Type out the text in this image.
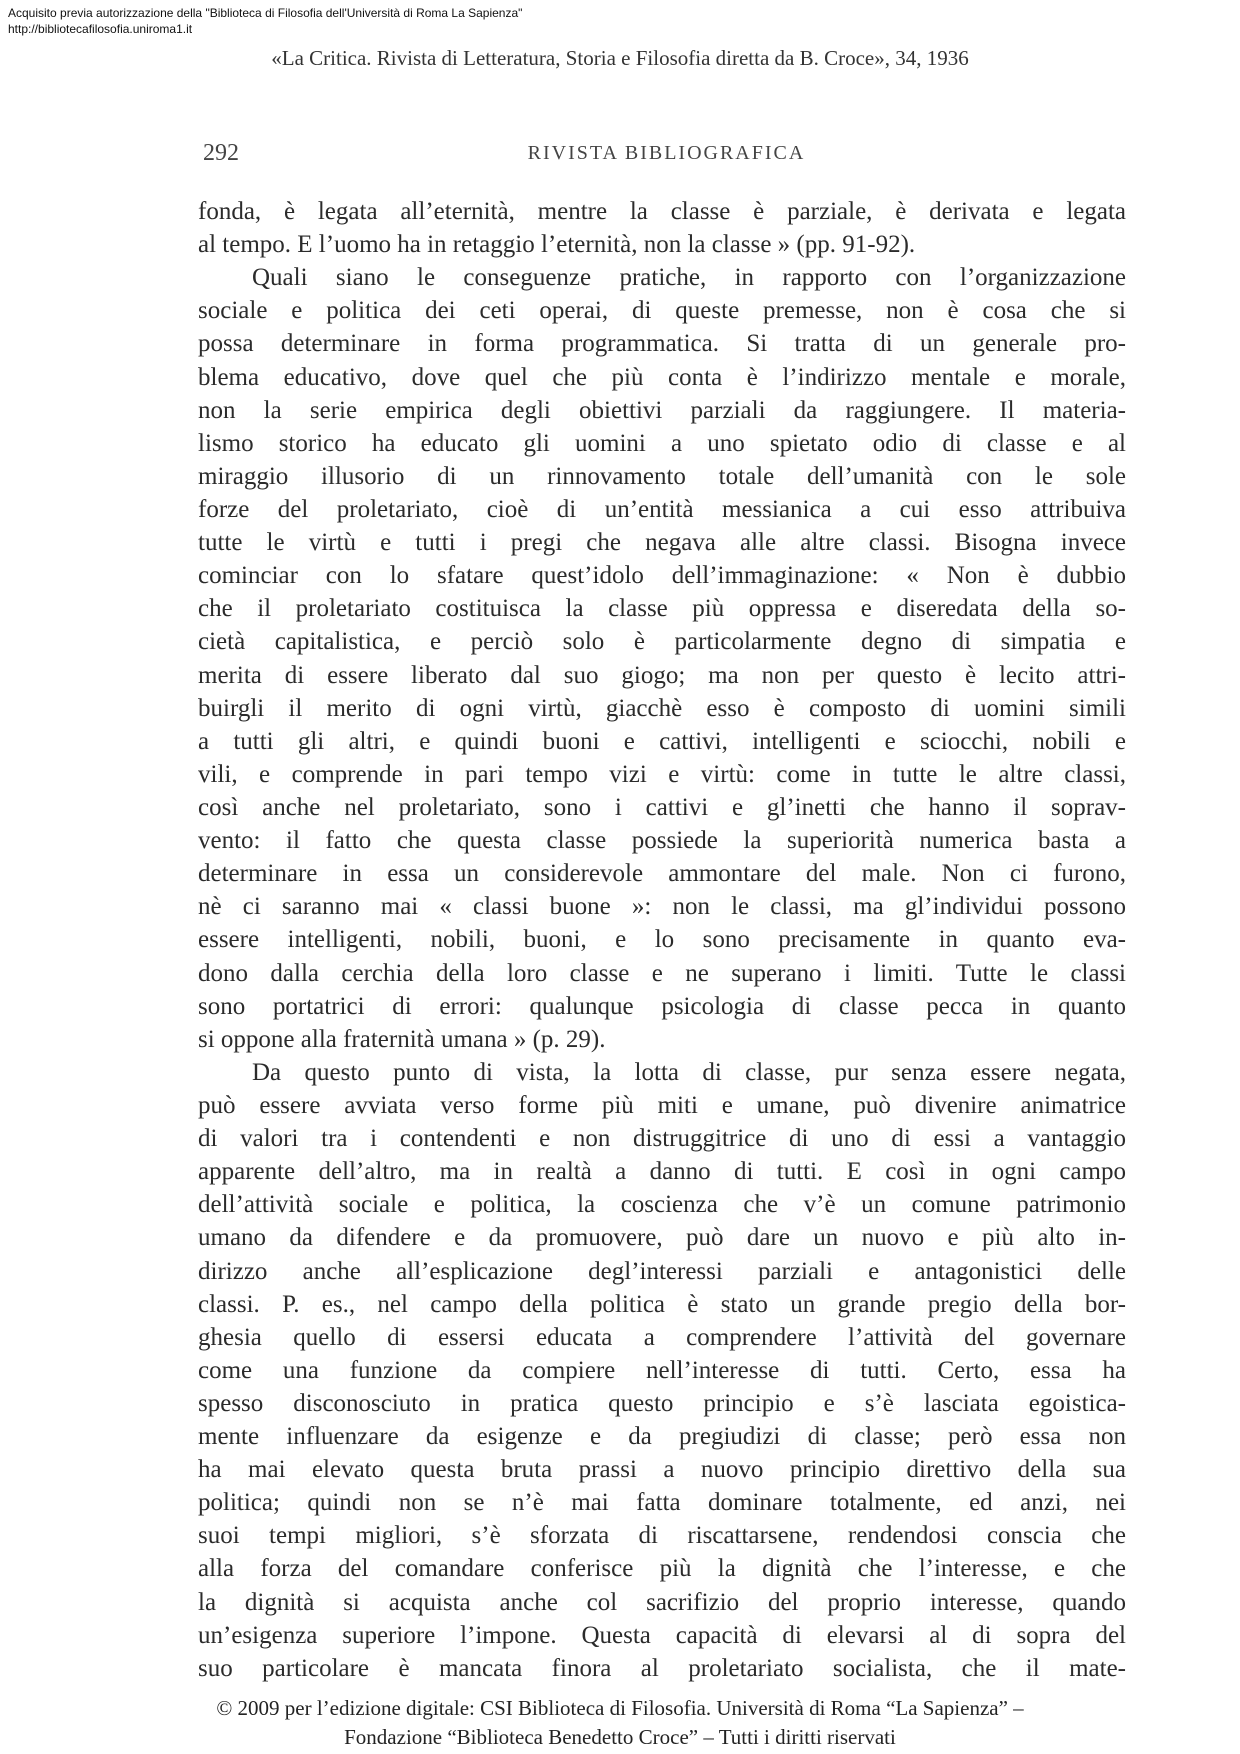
Acquisito previa autorizzazione della "Biblioteca di Filosofia dell'Università di Roma La Sapienza"
http://bibliotecafilosofia.uniroma1.it
«La Critica. Rivista di Letteratura, Storia e Filosofia diretta da B. Croce», 34, 1936
292	RIVISTA BIBLIOGRAFICA
fonda, è legata all’eternità, mentre la classe è parziale, è derivata e legata
al tempo. E l’uomo ha in retaggio l’eternità, non la classe » (pp. 91-92).
Quali siano le conseguenze pratiche, in rapporto con l’organizzazione
sociale e politica dei ceti operai, di queste premesse, non è cosa che si
possa determinare in forma programmatica. Si tratta di un generale pro-
blema educativo, dove quel che più conta è l’indirizzo mentale e morale,
non la serie empirica degli obiettivi parziali da raggiungere. Il materia-
lismo storico ha educato gli uomini a uno spietato odio di classe e al
miraggio illusorio di un rinnovamento totale dell’umanità con le sole
forze del proletariato, cioè di un’entità messianica a cui esso attribuiva
tutte le virtù e tutti i pregi che negava alle altre classi. Bisogna invece
cominciar con lo sfatare quest’idolo dell’immaginazione: « Non è dubbio
che il proletariato costituisca la classe più oppressa e diseredata della so-
cietà capitalistica, e perciò solo è particolarmente degno di simpatia e
merita di essere liberato dal suo giogo; ma non per questo è lecito attri-
buirgli il merito di ogni virtù, giacchè esso è composto di uomini simili
a tutti gli altri, e quindi buoni e cattivi, intelligenti e sciocchi, nobili e
vili, e comprende in pari tempo vizi e virtù: come in tutte le altre classi,
così anche nel proletariato, sono i cattivi e gl’inetti che hanno il soprav-
vento: il fatto che questa classe possiede la superiorità numerica basta a
determinare in essa un considerevole ammontare del male. Non ci furono,
nè ci saranno mai « classi buone »: non le classi, ma gl’individui possono
essere intelligenti, nobili, buoni, e lo sono precisamente in quanto eva-
dono dalla cerchia della loro classe e ne superano i limiti. Tutte le classi
sono portatrici di errori: qualunque psicologia di classe pecca in quanto
si oppone alla fraternità umana » (p. 29).
Da questo punto di vista, la lotta di classe, pur senza essere negata,
può essere avviata verso forme più miti e umane, può divenire animatrice
di valori tra i contendenti e non distruggitrice di uno di essi a vantaggio
apparente dell’altro, ma in realtà a danno di tutti. E così in ogni campo
dell’attività sociale e politica, la coscienza che v’è un comune patrimonio
umano da difendere e da promuovere, può dare un nuovo e più alto in-
dirizzo anche all’esplicazione degl’interessi parziali e antagonistici delle
classi. P. es., nel campo della politica è stato un grande pregio della bor-
ghesia quello di essersi educata a comprendere l’attività del governare
come una funzione da compiere nell’interesse di tutti. Certo, essa ha
spesso disconosciuto in pratica questo principio e s’è lasciata egoistica-
mente influenzare da esigenze e da pregiudizi di classe; però essa non
ha mai elevato questa bruta prassi a nuovo principio direttivo della sua
politica; quindi non se n’è mai fatta dominare totalmente, ed anzi, nei
suoi tempi migliori, s’è sforzata di riscattarsene, rendendosi conscia che
alla forza del comandare conferisce più la dignità che l’interesse, e che
la dignità si acquista anche col sacrifizio del proprio interesse, quando
un’esigenza superiore l’impone. Questa capacità di elevarsi al di sopra del
suo particolare è mancata finora al proletariato socialista, che il mate-
© 2009 per l’edizione digitale: CSI Biblioteca di Filosofia. Università di Roma “La Sapienza” –
Fondazione “Biblioteca Benedetto Croce” – Tutti i diritti riservati
